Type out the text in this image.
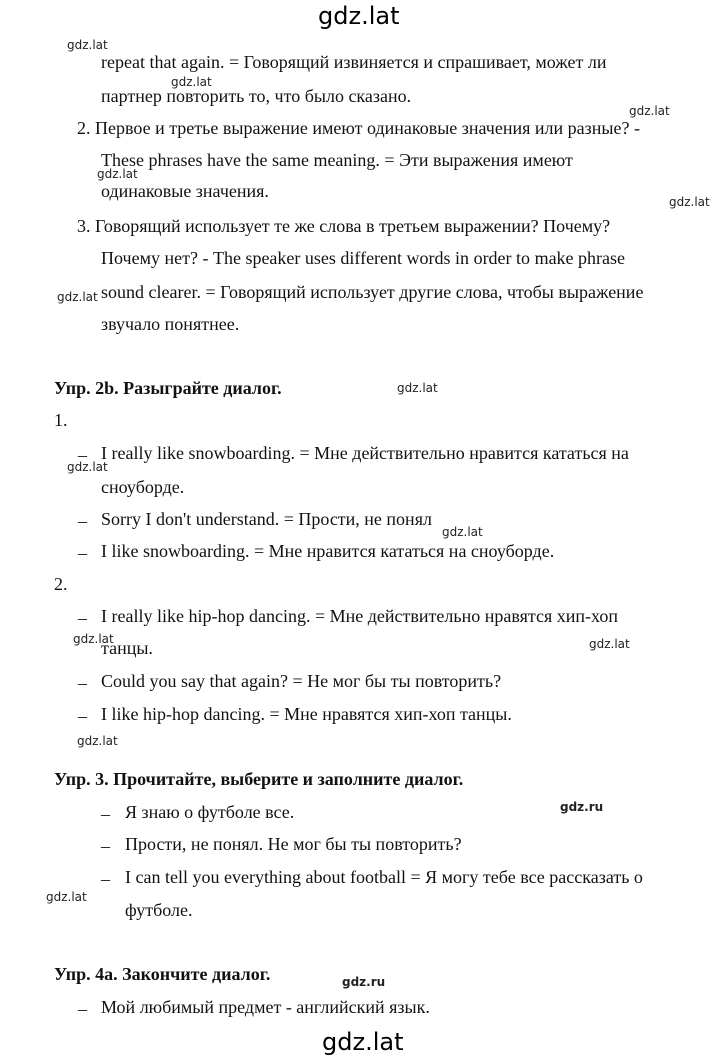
gdz.lat
gdz.lat
repeat that again. = Говорящий извиняется и спрашивает, может ли
партнер повторить то, что было сказано.
2. Первое и третье выражение имеют одинаковые значения или разные? -
These phrases have the same meaning. = Эти выражения имеют
одинаковые значения.
3. Говорящий использует те же слова в третьем выражении? Почему?
Почему нет? - The speaker uses different words in order to make phrase
sound clearer. = Говорящий использует другие слова, чтобы выражение
звучало понятнее.
Упр. 2b. Разыграйте диалог.
1.
– I really like snowboarding. = Мне действительно нравится кататься на
сноуборде.
– Sorry I don't understand. = Прости, не понял
– I like snowboarding. = Мне нравится кататься на сноуборде.
2.
– I really like hip-hop dancing. = Мне действительно нравятся хип-хоп
танцы.
– Could you say that again? = Не мог бы ты повторить?
– I like hip-hop dancing. = Мне нравятся хип-хоп танцы.
Упр. 3. Прочитайте, выберите и заполните диалог.
– Я знаю о футболе все.
– Прости, не понял. Не мог бы ты повторить?
– I can tell you everything about football = Я могу тебе все рассказать о
футболе.
Упр. 4a. Закончите диалог.
– Мой любимый предмет - английский язык.
gdz.lat
gdz.lat
gdz.lat
gdz.lat
gdz.lat
gdz.lat
gdz.lat
gdz.lat
gdz.lat
gdz.lat	gdz.lat
gdz.lat
gdz.lat
gdz.ru
gdz.ru
